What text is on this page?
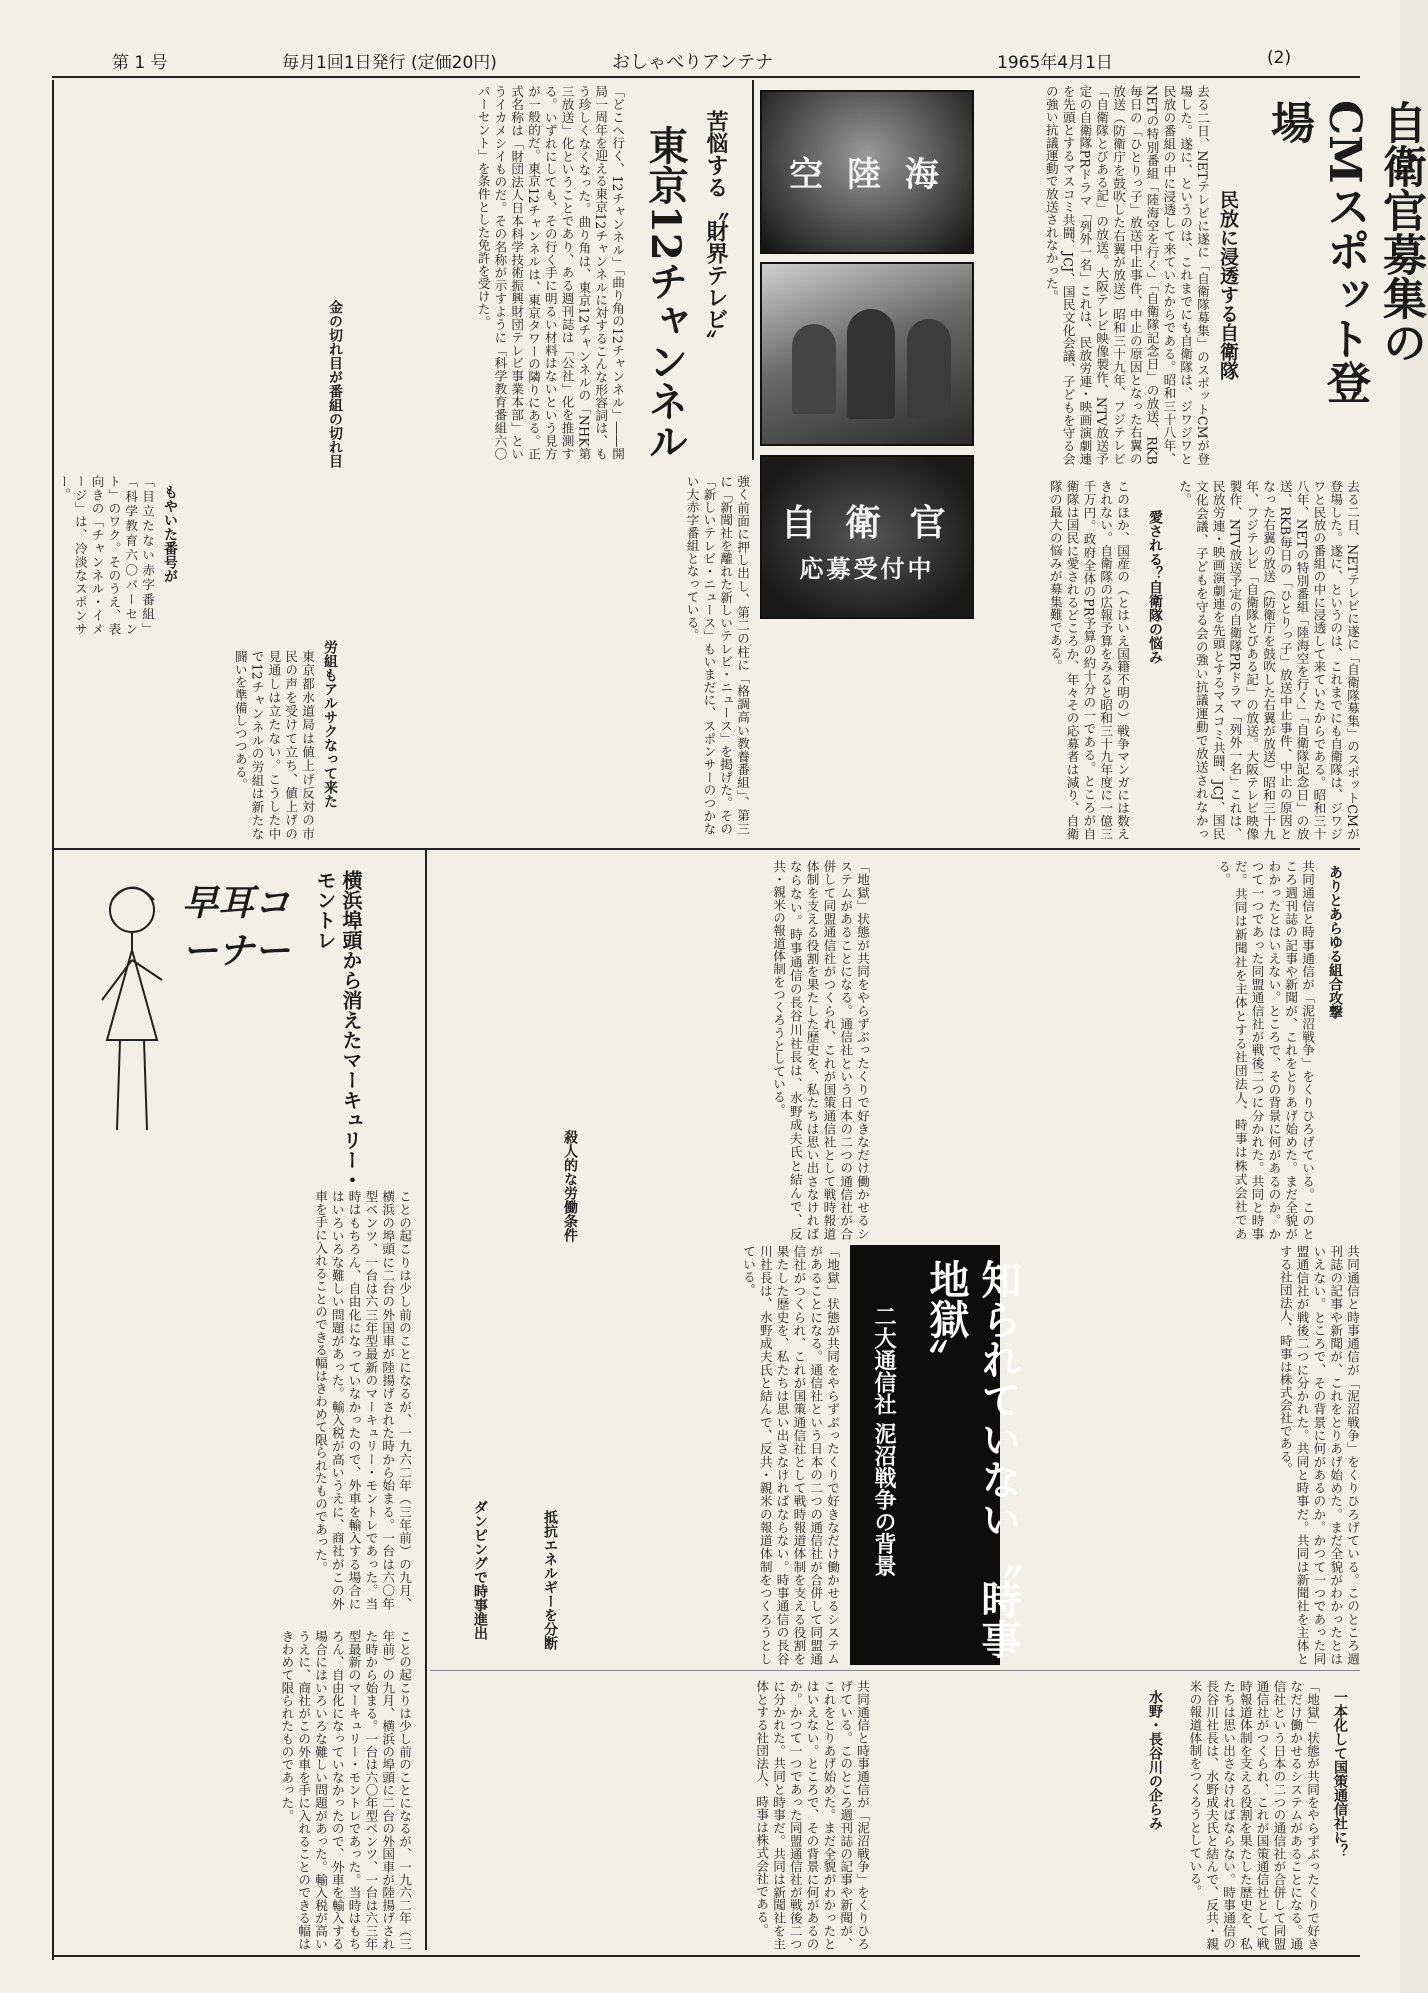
第 1 号	毎月1回1日発行 (定価20円)	おしゃべりアンテナ	1965年4月1日	(2)
自衛官募集のCMスポット登場
民放に浸透する自衛隊
去る二日、NETテレビに遂に「自衛隊募集」のスポットCMが登場した。遂に、というのは、これまでにも自衛隊は、ジワジワと民放の番組の中に浸透して来ていたからである。昭和三十八年、NETの特別番組「陸海空を行く」「自衛隊記念日」の放送、RKB毎日の「ひとりっ子」放送中止事件、中止の原因となった右翼の放送（防衛庁を鼓吹した右翼が放送）昭和三十九年、フジテレビ「自衛隊とびある記」の放送。大阪テレビ映像製作、NTV放送予定の自衛隊PRドラマ「列外一名」これは、民放労連・映画演劇連を先頭とするマスコミ共闘、JCJ、国民文化会議、子どもを守る会の強い抗議運動で放送されなかった。
去る二日、NETテレビに遂に「自衛隊募集」のスポットCMが登場した。遂に、というのは、これまでにも自衛隊は、ジワジワと民放の番組の中に浸透して来ていたからである。昭和三十八年、NETの特別番組「陸海空を行く」「自衛隊記念日」の放送、RKB毎日の「ひとりっ子」放送中止事件、中止の原因となった右翼の放送（防衛庁を鼓吹した右翼が放送）昭和三十九年、フジテレビ「自衛隊とびある記」の放送。大阪テレビ映像製作、NTV放送予定の自衛隊PRドラマ「列外一名」これは、民放労連・映画演劇連を先頭とするマスコミ共闘、JCJ、国民文化会議、子どもを守る会の強い抗議運動で放送されなかった。
愛される？自衛隊の悩み
このほか、国産の（とはいえ国籍不明の）戦争マンガには数えきれない。自衛隊の広報予算をみると昭和三十九年度に一億三千万円。政府全体のPR予算の約十分の一である。ところが自衛隊は国民に愛されるどころか、年々その応募者は減り、自衛隊の最大の悩みが募集難である。
空 陸 海
自 衛 官
応募受付中
苦悩する〝財界テレビ〟
東京12チャンネル
「どこへ行く、12チャンネル」「曲り角の12チャンネル」――開局一周年を迎える東京12チャンネルに対するこんな形容詞は、もう珍しくなくなった。曲り角は、東京12チャンネルの「NHK第三放送」化ということであり、ある週刊誌は「公社」化を推測する。いずれにしても、その行く手に明るい材料はないという見方が一般的だ。東京12チャンネルは、東京タワーの隣りにある。正式名称は「財団法人日本科学技術振興財団テレビ事業本部」というイカメシイものだ。その名称が示すように「科学教育番組六〇パーセント」を条件とした免許を受けた。
金の切れ目が番組の切れ目
強く前面に押し出し、第二の柱に「格調高い教養番組」、第三に「新聞社を離れた新しいテレビ・ニュース」を掲げた。その「新しいテレビ・ニュース」もいまだに、スポンサーのつかない大赤字番組となっている。
もやいた番号が
「目立たない赤字番組」「科学教育六〇パーセント」のワク。そのうえ、表向きの「チャンネル・イメージ」は、冷淡なスポンサー。
労組もアルサクなって来た
東京都水道局は値上げ反対の市民の声を受けて立ち、値上げの見通しは立たない。こうした中で12チャンネルの労組は新たな闘いを準備しつつある。
早耳コーナー	横浜埠頭から消えたマーキュリー・モントレ
ことの起こりは少し前のことになるが、一九六二年（三年前）の九月、横浜の埠頭に二台の外国車が陸揚げされた時から始まる。一台は六〇年型ベンツ、一台は六三年型最新のマーキュリー・モントレであった。当時はもちろん、自由化になっていなかったので、外車を輸入する場合にはいろいろな難しい問題があった。輸入税が高いうえに、商社がこの外車を手に入れることのできる幅はきわめて限られたものであった。
ことの起こりは少し前のことになるが、一九六二年（三年前）の九月、横浜の埠頭に二台の外国車が陸揚げされた時から始まる。一台は六〇年型ベンツ、一台は六三年型最新のマーキュリー・モントレであった。当時はもちろん、自由化になっていなかったので、外車を輸入する場合にはいろいろな難しい問題があった。輸入税が高いうえに、商社がこの外車を手に入れることのできる幅はきわめて限られたものであった。
ありとあらゆる組合攻撃
共同通信と時事通信が「泥沼戦争」をくりひろげている。このところ週刊誌の記事や新聞が、これをとりあげ始めた。まだ全貌がわかったとはいえない。ところで、その背景に何があるのか。かつて一つであった同盟通信社が戦後二つに分かれた。共同と時事だ。共同は新聞社を主体とする社団法人、時事は株式会社である。
「地獄」状態が共同をやらずぶったくりで好きなだけ働かせるシステムがあることになる。通信社という日本の二つの通信社が合併して同盟通信社がつくられ、これが国策通信社として戦時報道体制を支える役割を果たした歴史を、私たちは思い出さなければならない。時事通信の長谷川社長は、水野成夫氏と結んで、反共・親米の報道体制をつくろうとしている。
殺人的な労働条件
知られていない〝時事地獄〟
二大通信社 泥沼戦争の背景	共同通信と時事通信が「泥沼戦争」をくりひろげている。このところ週刊誌の記事や新聞が、これをとりあげ始めた。まだ全貌がわかったとはいえない。ところで、その背景に何があるのか。かつて一つであった同盟通信社が戦後二つに分かれた。共同と時事だ。共同は新聞社を主体とする社団法人、時事は株式会社である。
「地獄」状態が共同をやらずぶったくりで好きなだけ働かせるシステムがあることになる。通信社という日本の二つの通信社が合併して同盟通信社がつくられ、これが国策通信社として戦時報道体制を支える役割を果たした歴史を、私たちは思い出さなければならない。時事通信の長谷川社長は、水野成夫氏と結んで、反共・親米の報道体制をつくろうとしている。
抵抗エネルギーを分断
ダンピングで時事進出
一本化して国策通信社に？
水野・長谷川の企らみ	「地獄」状態が共同をやらずぶったくりで好きなだけ働かせるシステムがあることになる。通信社という日本の二つの通信社が合併して同盟通信社がつくられ、これが国策通信社として戦時報道体制を支える役割を果たした歴史を、私たちは思い出さなければならない。時事通信の長谷川社長は、水野成夫氏と結んで、反共・親米の報道体制をつくろうとしている。
共同通信と時事通信が「泥沼戦争」をくりひろげている。このところ週刊誌の記事や新聞が、これをとりあげ始めた。まだ全貌がわかったとはいえない。ところで、その背景に何があるのか。かつて一つであった同盟通信社が戦後二つに分かれた。共同と時事だ。共同は新聞社を主体とする社団法人、時事は株式会社である。
